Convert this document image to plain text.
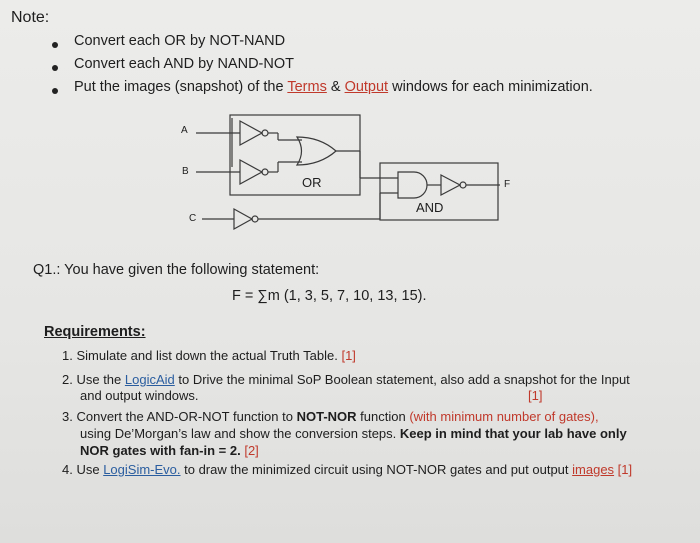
Note:
Convert each OR by NOT-NAND
Convert each AND by NAND-NOT
Put the images (snapshot) of the Terms & Output windows for each minimization.
A
B
C
OR
AND
F
Q1.: You have given the following statement:
F = ∑m (1, 3, 5, 7, 10, 13, 15).
Requirements:
1. Simulate and list down the actual Truth Table. [1]
2. Use the LogicAid to Drive the minimal SoP Boolean statement, also add a snapshot for the Input
and output windows.	[1]
3. Convert the AND-OR-NOT function to NOT-NOR function (with minimum number of gates),
using De’Morgan’s law and show the conversion steps. Keep in mind that your lab have only
NOR gates with fan-in = 2. [2]
4. Use LogiSim-Evo. to draw the minimized circuit using NOT-NOR gates and put output images [1]
